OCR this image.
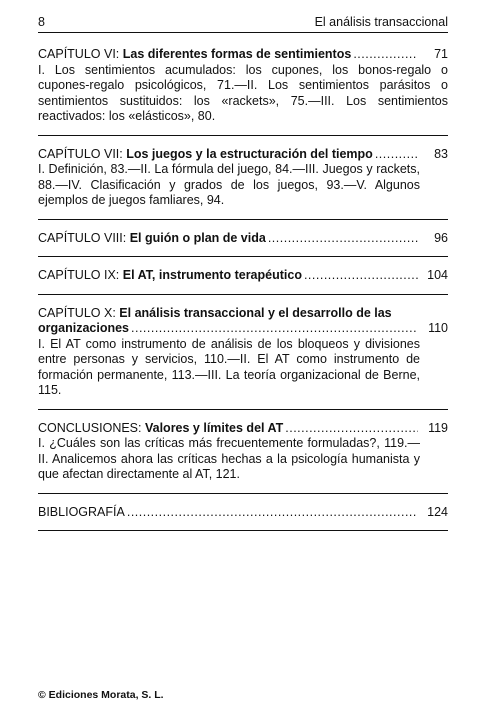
8	El análisis transaccional
CAPÍTULO VI: Las diferentes formas de sentimientos .....	71
I. Los sentimientos acumulados: los cupones, los bonos-regalo o cupones-regalo psicológicos, 71.—II. Los sentimientos parásitos o sentimientos sustituidos: los «rackets», 75.—III. Los sentimientos reactivados: los «elásticos», 80.
CAPÍTULO VII: Los juegos y la estructuración del tiempo .....	83
I. Definición, 83.—II. La fórmula del juego, 84.—III. Juegos y rackets, 88.—IV. Clasificación y grados de los juegos, 93.—V. Algunos ejemplos de juegos famliares, 94.
CAPÍTULO VIII: El guión o plan de vida .....	96
CAPÍTULO IX: El AT, instrumento terapéutico .....	104
CAPÍTULO X: El análisis transaccional y el desarrollo de las
organizaciones .....	110
I. El AT como instrumento de análisis de los bloqueos y divisiones entre personas y servicios, 110.—II. El AT como instrumento de formación permanente, 113.—III. La teoría organizacional de Berne, 115.
CONCLUSIONES: Valores y límites del AT .....	119
I. ¿Cuáles son las críticas más frecuentemente formuladas?, 119.—II. Analicemos ahora las críticas hechas a la psicología humanista y que afectan directamente al AT, 121.
BIBLIOGRAFÍA .....	124
© Ediciones Morata, S. L.
